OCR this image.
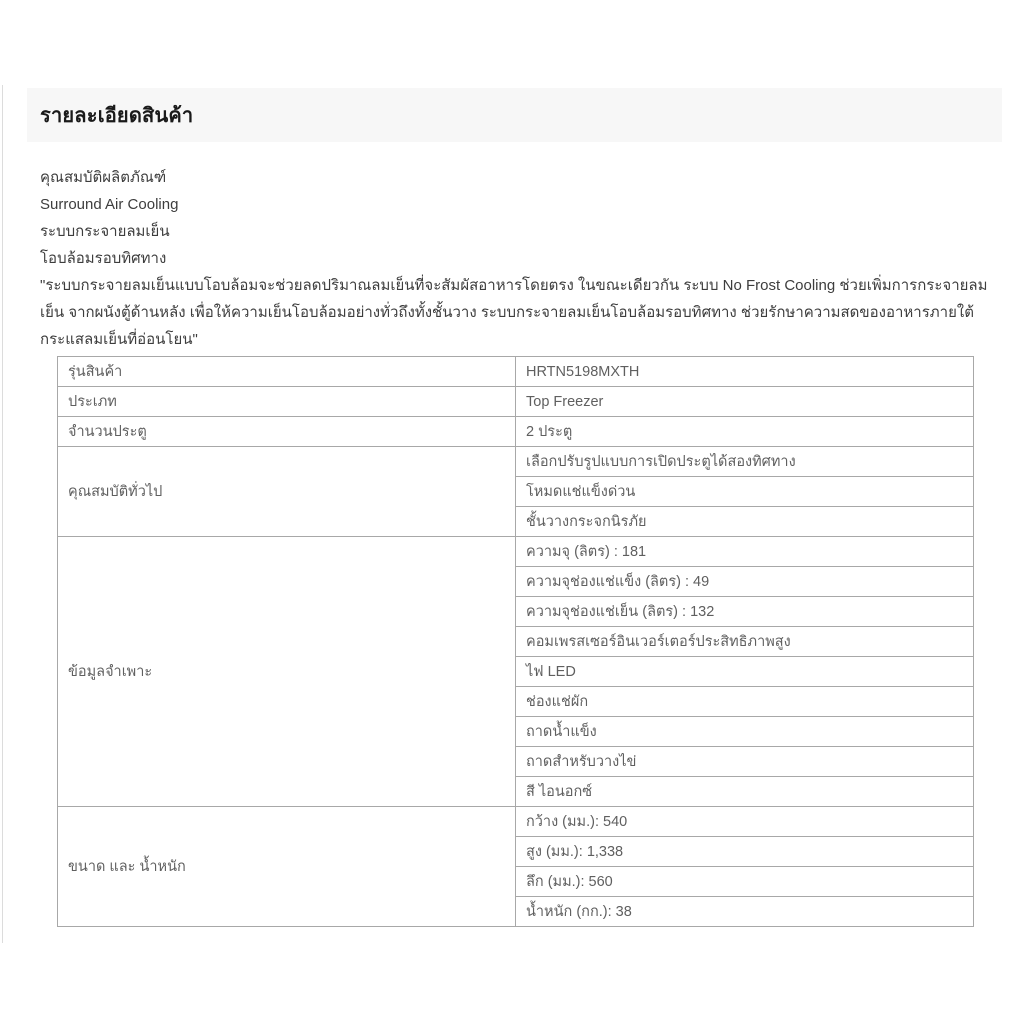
รายละเอียดสินค้า
คุณสมบัติผลิตภัณฑ์
Surround Air Cooling
ระบบกระจายลมเย็น
โอบล้อมรอบทิศทาง
"ระบบกระจายลมเย็นแบบโอบล้อมจะช่วยลดปริมาณลมเย็นที่จะสัมผัสอาหารโดยตรง ในขณะเดียวกัน ระบบ No Frost Cooling ช่วยเพิ่มการกระจายลมเย็น จากผนังตู้ด้านหลัง เพื่อให้ความเย็นโอบล้อมอย่างทั่วถึงทั้งชั้นวาง ระบบกระจายลมเย็นโอบล้อมรอบทิศทาง ช่วยรักษาความสดของอาหารภายใต้กระแสลมเย็นที่อ่อนโยน"
รุ่นสินค้า	HRTN5198MXTH
ประเภท	Top Freezer
จำนวนประตู	2 ประตู
คุณสมบัติทั่วไป	เลือกปรับรูปแบบการเปิดประตูได้สองทิศทาง
	โหมดแช่แข็งด่วน
	ชั้นวางกระจกนิรภัย
ข้อมูลจำเพาะ	ความจุ (ลิตร) : 181
	ความจุช่องแช่แข็ง (ลิตร) : 49
	ความจุช่องแช่เย็น (ลิตร) : 132
	คอมเพรสเซอร์อินเวอร์เตอร์ประสิทธิภาพสูง
	ไฟ LED
	ช่องแช่ผัก
	ถาดน้ำแข็ง
	ถาดสำหรับวางไข่
	สี ไอนอกซ์
ขนาด และ น้ำหนัก	กว้าง (มม.): 540
	สูง (มม.): 1,338
	ลึก (มม.): 560
	น้ำหนัก (กก.): 38
